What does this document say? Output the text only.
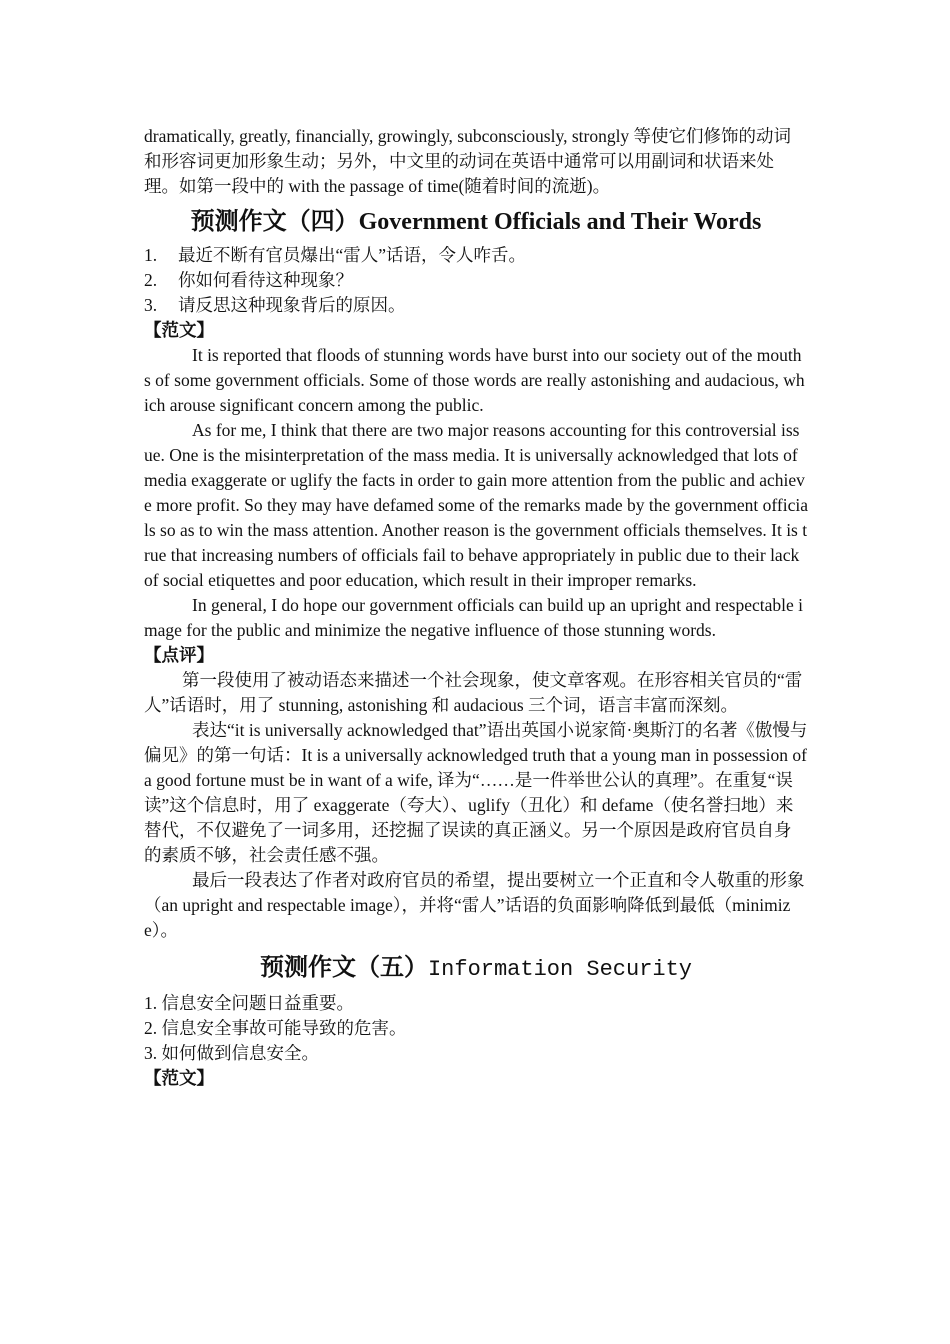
dramatically, greatly, financially, growingly, subconsciously, strongly 等使它们修饰的动词和形容词更加形象生动；另外，中文里的动词在英语中通常可以用副词和状语来处理。如第一段中的 with the passage of time(随着时间的流逝)。

预测作文（四）Government Officials and Their Words
1. 最近不断有官员爆出“雷人”话语，令人咋舌。
2. 你如何看待这种现象？
3. 请反思这种现象背后的原因。

【范文】

It is reported that floods of stunning words have burst into our society out of the mouths of some government officials. Some of those words are really astonishing and audacious, which arouse significant concern among the public.

As for me, I think that there are two major reasons accounting for this controversial issue. One is the misinterpretation of the mass media. It is universally acknowledged that lots of media exaggerate or uglify the facts in order to gain more attention from the public and achieve more profit. So they may have defamed some of the remarks made by the government officials so as to win the mass attention. Another reason is the government officials themselves. It is true that increasing numbers of officials fail to behave appropriately in public due to their lack of social etiquettes and poor education, which result in their improper remarks.

In general, I do hope our government officials can build up an upright and respectable image for the public and minimize the negative influence of those stunning words.

【点评】

第一段使用了被动语态来描述一个社会现象，使文章客观。在形容相关官员的“雷人”话语时，用了 stunning, astonishing 和 audacious 三个词，语言丰富而深刻。

表达“it is universally acknowledged that”语出英国小说家简·奥斯汀的名著《傲慢与偏见》的第一句话：It is a universally acknowledged truth that a young man in possession of a good fortune must be in want of a wife, 译为“……是一件举世公认的真理”。在重复“误读”这个信息时，用了 exaggerate（夸大）、uglify（丑化）和 defame（使名誉扫地）来替代，不仅避免了一词多用，还挖掘了误读的真正涵义。另一个原因是政府官员自身的素质不够，社会责任感不强。

最后一段表达了作者对政府官员的希望，提出要树立一个正直和令人敬重的形象（an upright and respectable image），并将“雷人”话语的负面影响降低到最低（minimize）。

预测作文（五）Information Security
1. 信息安全问题日益重要。
2. 信息安全事故可能导致的危害。
3. 如何做到信息安全。

【范文】
